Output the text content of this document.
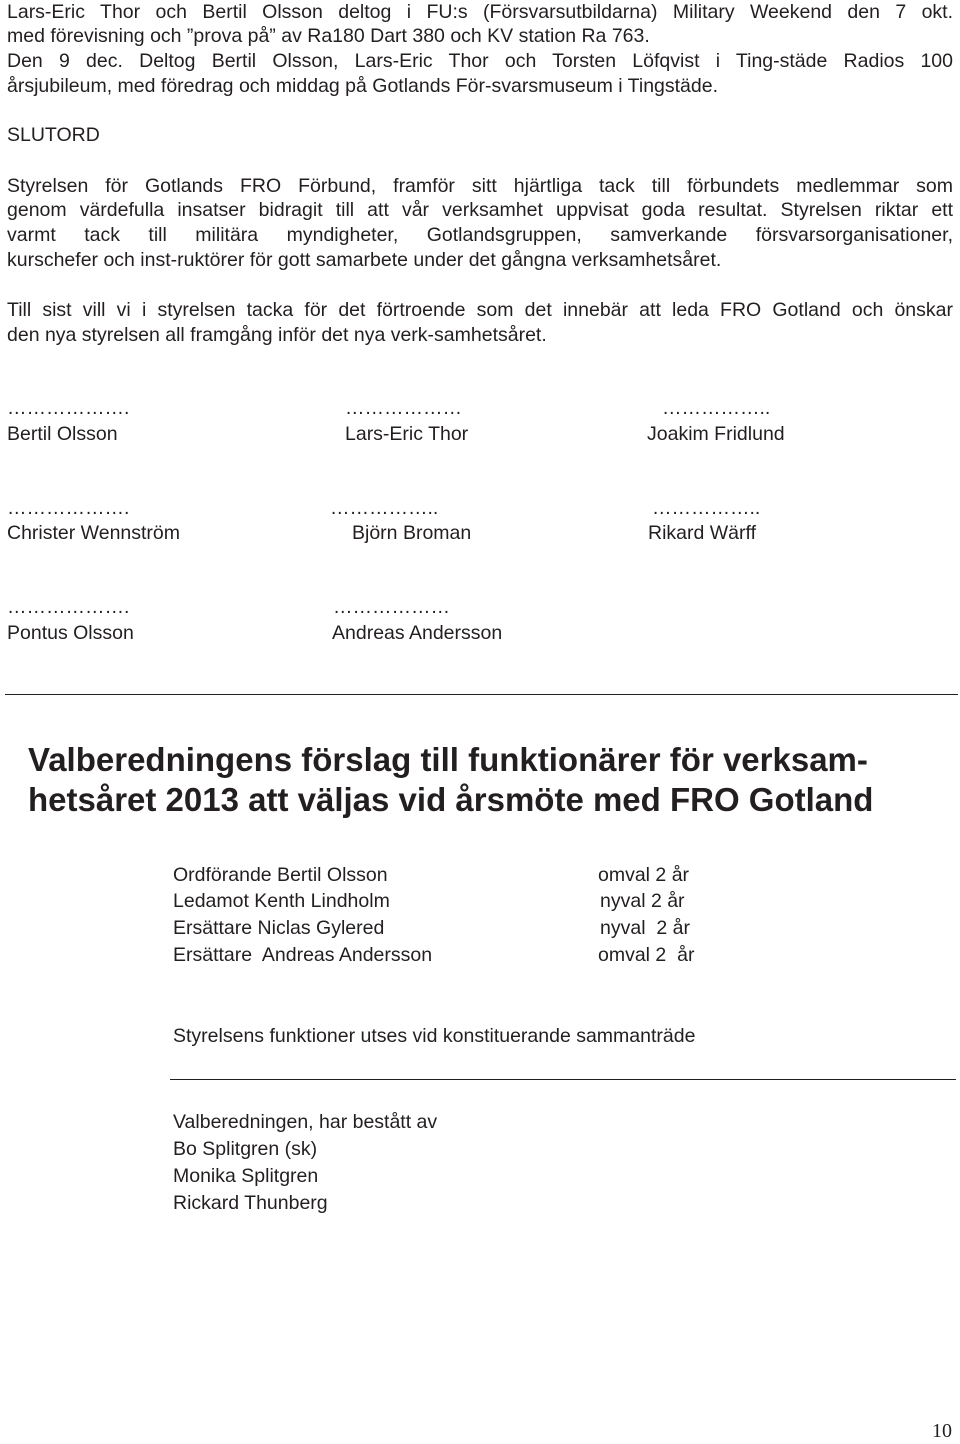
Lars-Eric Thor och Bertil Olsson deltog i FU:s (Försvarsutbildarna) Military Weekend den 7 okt.
med förevisning och ”prova på” av Ra180 Dart 380 och KV station Ra 763.
Den 9 dec. Deltog Bertil Olsson, Lars-Eric Thor och Torsten Löfqvist i Ting-städe Radios 100
årsjubileum, med föredrag och middag på Gotlands För-svarsmuseum i Tingstäde.
SLUTORD
Styrelsen för Gotlands FRO Förbund, framför sitt hjärtliga tack till förbundets medlemmar som
genom värdefulla insatser bidragit till att vår verksamhet uppvisat goda resultat. Styrelsen riktar ett
varmt tack till militära myndigheter, Gotlandsgruppen, samverkande försvarsorganisationer,
kurschefer och inst-ruktörer för gott samarbete under det gångna verksamhetsåret.
Till sist vill vi i styrelsen tacka för det förtroende som det innebär att leda FRO Gotland och önskar
den nya styrelsen all framgång inför det nya verk-samhetsåret.
……………….
Bertil Olsson
………………
Lars-Eric Thor
……………..
Joakim Fridlund
……………….
Christer Wennström
……………..
Björn Broman
……………..
Rikard Wärff
……………….
Pontus Olsson
………………
Andreas Andersson
Valberedningens förslag till funktionärer för verksam-
hetsåret 2013 att väljas vid årsmöte med FRO Gotland
Ordförande Bertil Olsson	omval 2 år
Ledamot Kenth Lindholm	nyval 2 år
Ersättare Niclas Gylered	nyval  2 år
Ersättare  Andreas Andersson	omval 2  år
Styrelsens funktioner utses vid konstituerande sammanträde
Valberedningen, har bestått av
Bo Splitgren (sk)
Monika Splitgren
Rickard Thunberg
10
